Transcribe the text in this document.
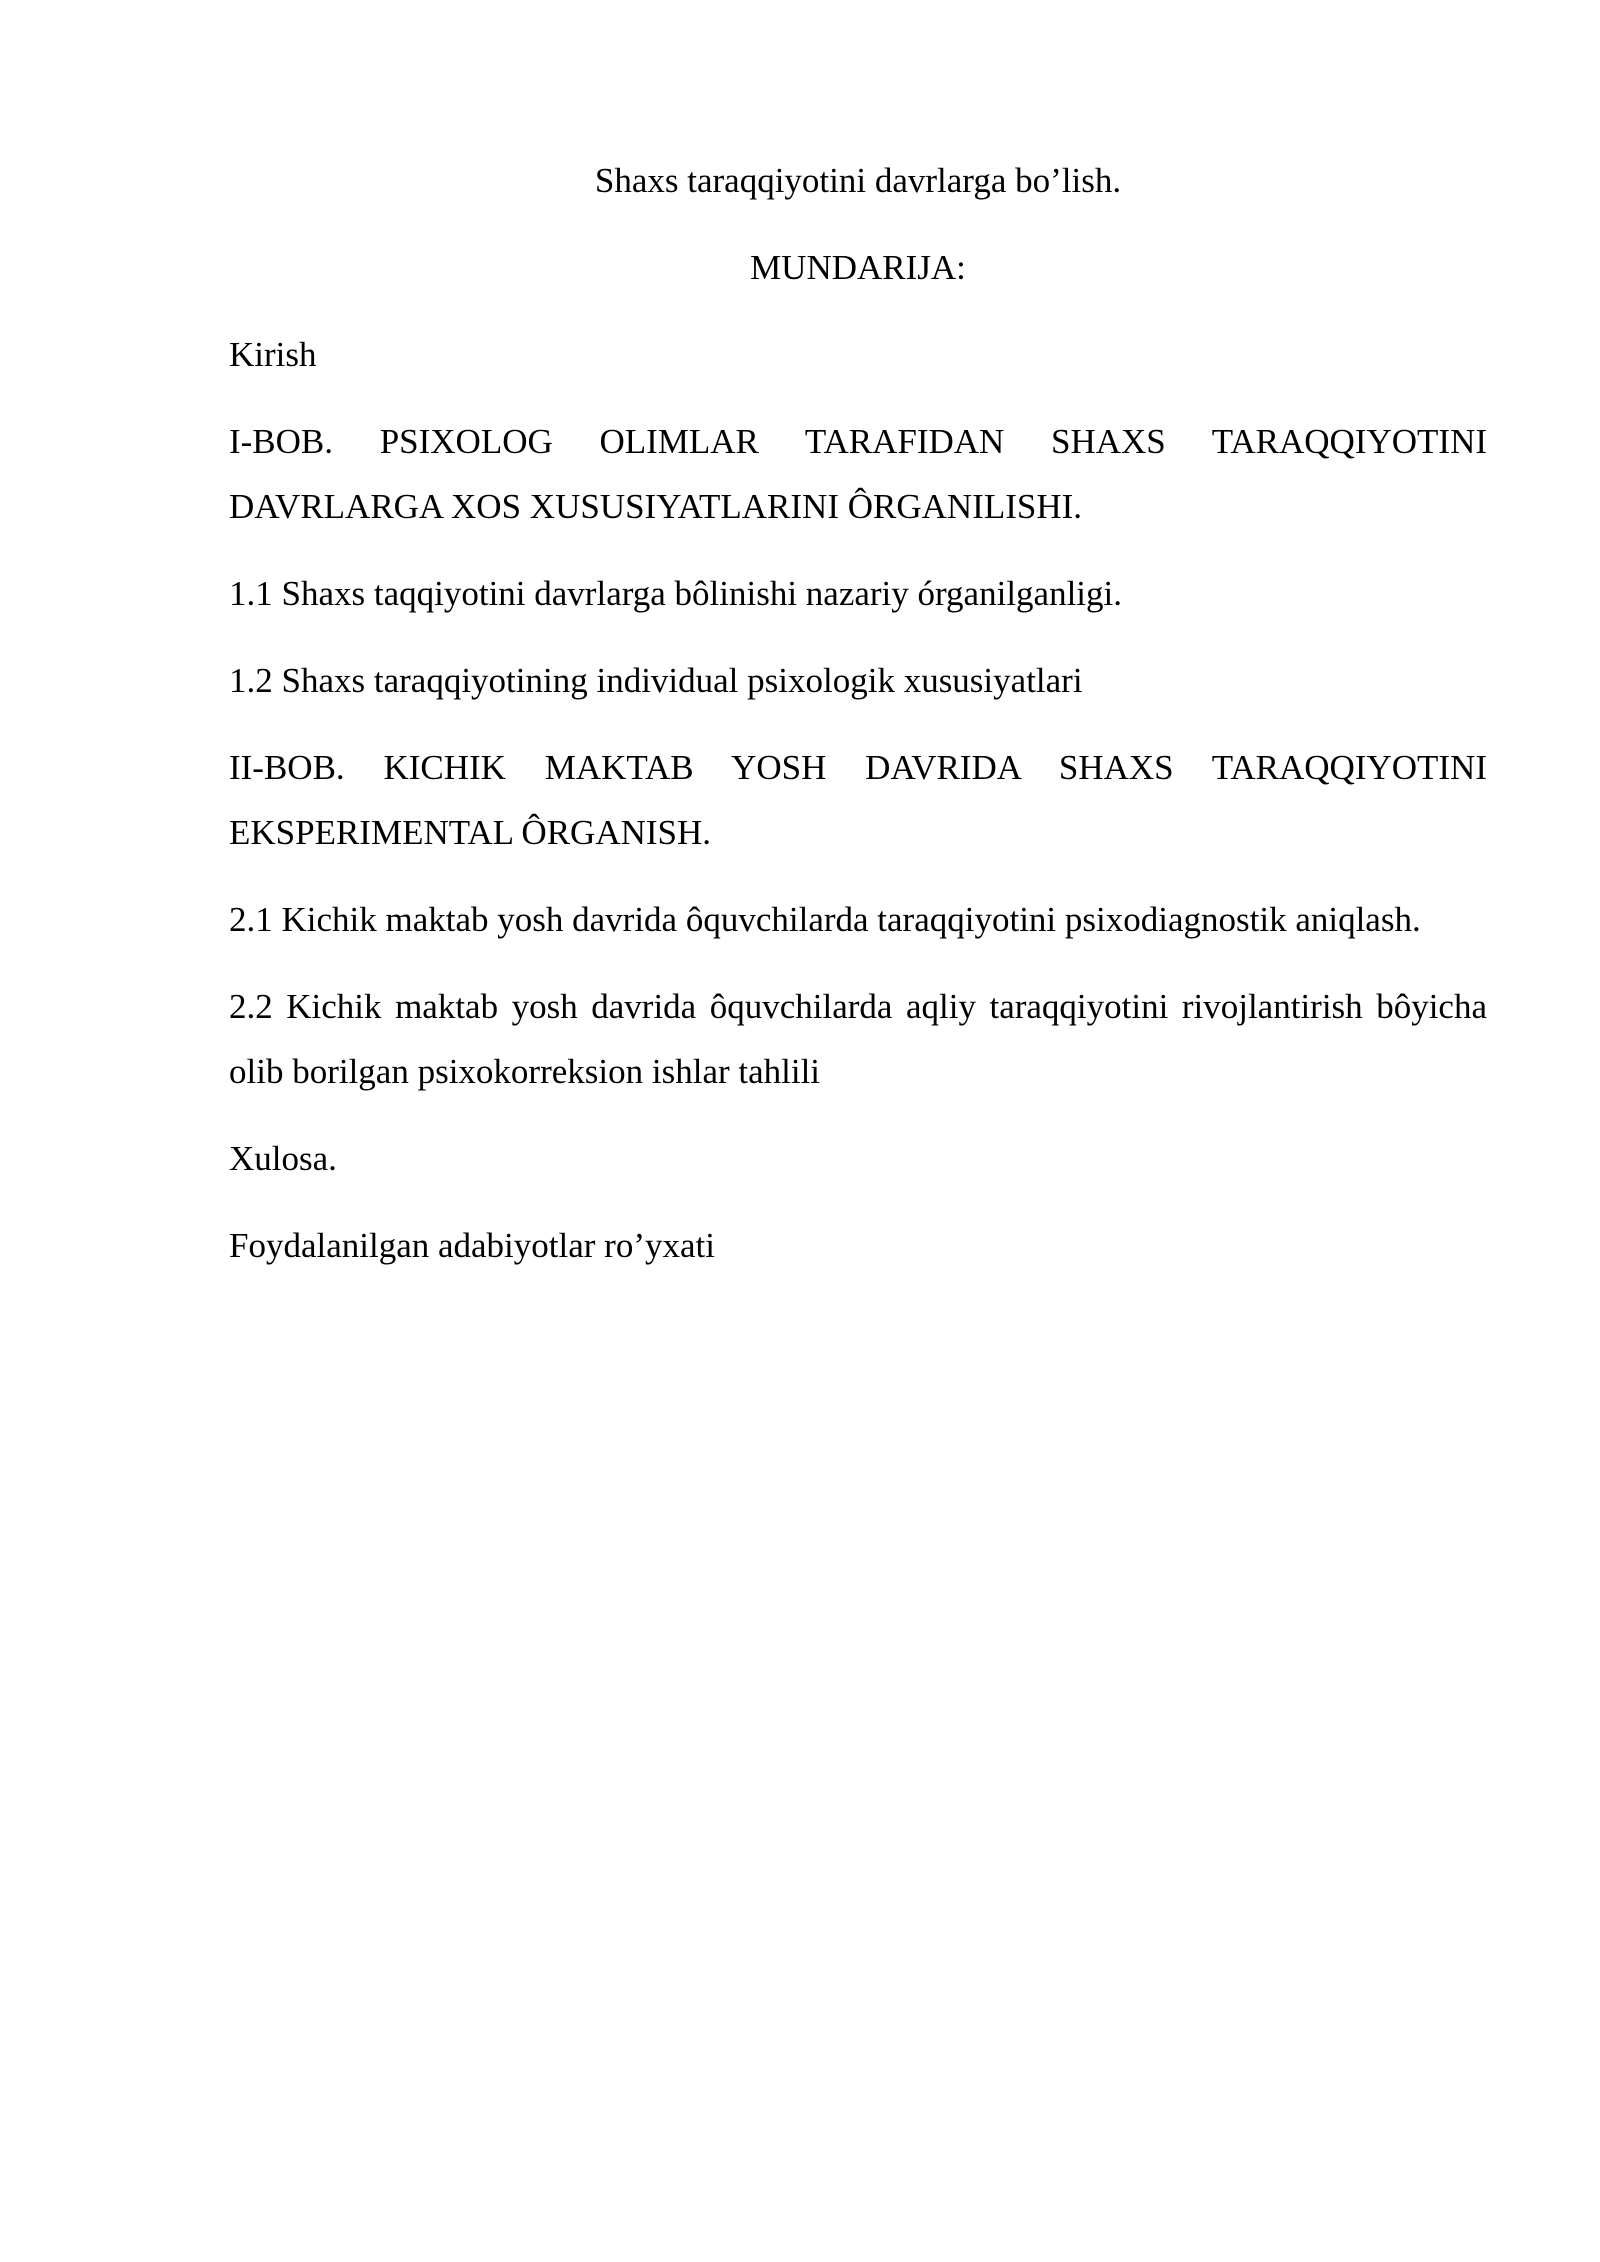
Shaxs taraqqiyotini davrlarga bo’lish.

MUNDARIJA:

Kirish

I-BOB. PSIXOLOG OLIMLAR TARAFIDAN SHAXS TARAQQIYOTINI DAVRLARGA XOS XUSUSIYATLARINI ÔRGANILISHI.

1.1 Shaxs taqqiyotini davrlarga bôlinishi nazariy órganilganligi.

1.2 Shaxs taraqqiyotining individual psixologik xususiyatlari

II-BOB. KICHIK MAKTAB YOSH DAVRIDA SHAXS TARAQQIYOTINI EKSPERIMENTAL ÔRGANISH.

2.1 Kichik maktab yosh davrida ôquvchilarda taraqqiyotini psixodiagnostik aniqlash.

2.2 Kichik maktab yosh davrida ôquvchilarda aqliy taraqqiyotini rivojlantirish bôyicha olib borilgan psixokorreksion ishlar tahlili

Xulosa.

Foydalanilgan adabiyotlar ro’yxati
